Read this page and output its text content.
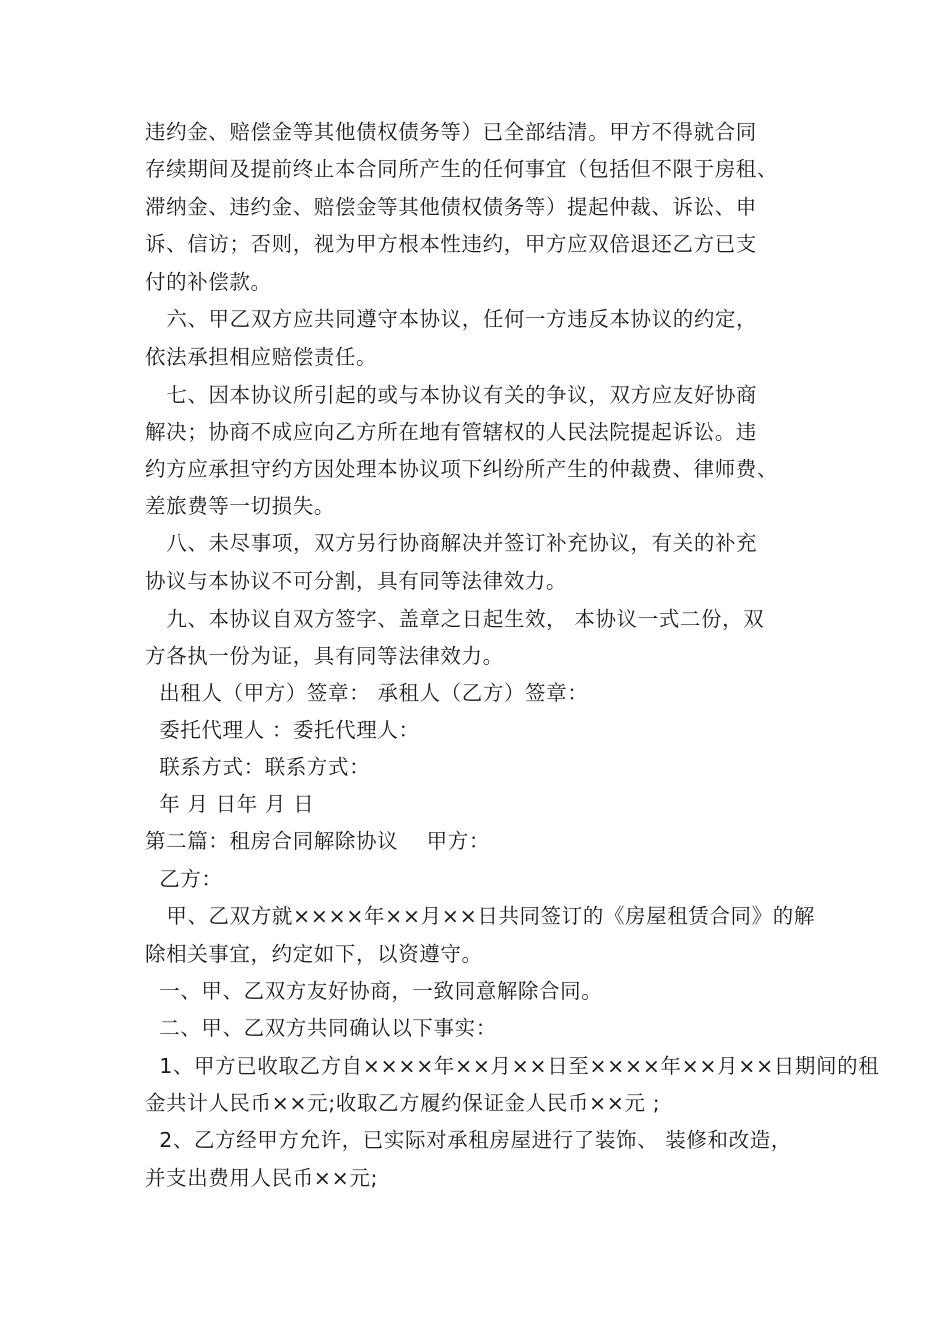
违约金、赔偿金等其他债权债务等）已全部结清。甲方不得就合同
存续期间及提前终止本合同所产生的任何事宜（包括但不限于房租、
滞纳金、违约金、赔偿金等其他债权债务等）提起仲裁、诉讼、申
诉、信访；否则，视为甲方根本性违约，甲方应双倍退还乙方已支
付的补偿款。
六、甲乙双方应共同遵守本协议，任何一方违反本协议的约定，
依法承担相应赔偿责任。
七、因本协议所引起的或与本协议有关的争议，双方应友好协商
解决；协商不成应向乙方所在地有管辖权的人民法院提起诉讼。违
约方应承担守约方因处理本协议项下纠纷所产生的仲裁费、律师费、
差旅费等一切损失。
八、未尽事项，双方另行协商解决并签订补充协议，有关的补充
协议与本协议不可分割，具有同等法律效力。
九、本协议自双方签字、盖章之日起生效， 本协议一式二份，双
方各执一份为证，具有同等法律效力。
出租人（甲方）签章： 承租人（乙方）签章：
委托代理人 ：委托代理人：
联系方式：联系方式：
年 月 日年 月 日
第二篇：租房合同解除协议    甲方：
乙方：
甲、乙双方就××××年××月××日共同签订的《房屋租赁合同》的解
除相关事宜，约定如下，以资遵守。
一、甲、乙双方友好协商，一致同意解除合同。
二、甲、乙双方共同确认以下事实：
1、甲方已收取乙方自××××年××月××日至××××年××月××日期间的租
金共计人民币××元;收取乙方履约保证金人民币××元 ;
2、乙方经甲方允许，已实际对承租房屋进行了装饰、 装修和改造，
并支出费用人民币××元;
